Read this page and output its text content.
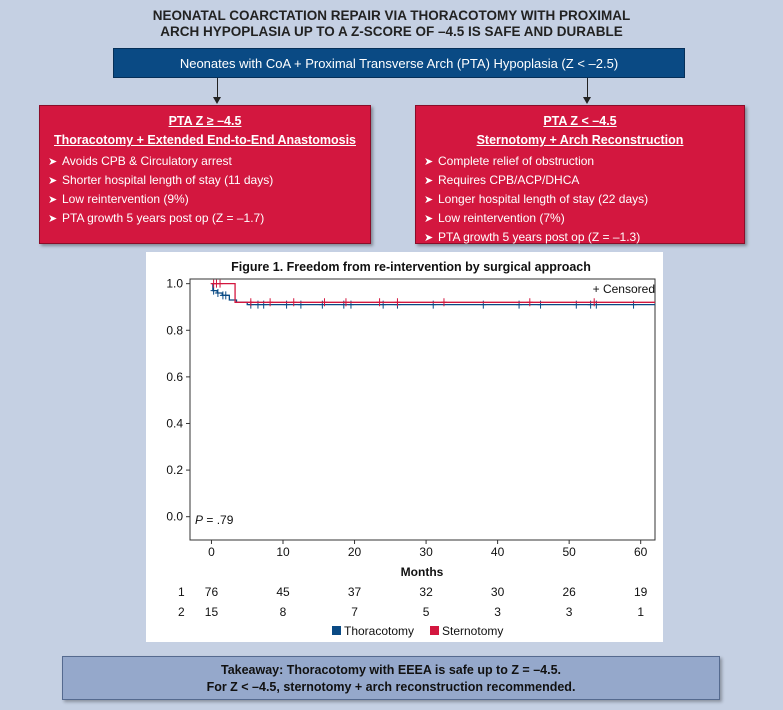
NEONATAL COARCTATION REPAIR VIA THORACOTOMY WITH PROXIMAL
ARCH HYPOPLASIA UP TO A Z-SCORE OF –4.5 IS SAFE AND DURABLE
Neonates with CoA + Proximal Transverse Arch (PTA) Hypoplasia (Z < –2.5)
PTA Z ≥ –4.5
Thoracotomy + Extended End-to-End Anastomosis
➤ Avoids CPB & Circulatory arrest
➤ Shorter hospital length of stay (11 days)
➤ Low reintervention (9%)
➤ PTA growth 5 years post op (Z = –1.7)
PTA Z < –4.5
Sternotomy + Arch Reconstruction
➤ Complete relief of obstruction
➤ Requires CPB/ACP/DHCA
➤ Longer hospital length of stay (22 days)
➤ Low reintervention (7%)
➤ PTA growth 5 years post op (Z = –1.3)
Figure 1. Freedom from re-intervention by surgical approach
0.0
0.2
0.4
0.6
0.8
1.0
0	10	20	30	40	50	60
+ Censored
P = .79
Months
1 76	45	37	32	30	26	19
2 15	8	7	5	3	3	1
Thoracotomy Sternotomy
Takeaway: Thoracotomy with EEEA is safe up to Z = –4.5.
For Z < –4.5, sternotomy + arch reconstruction recommended.
